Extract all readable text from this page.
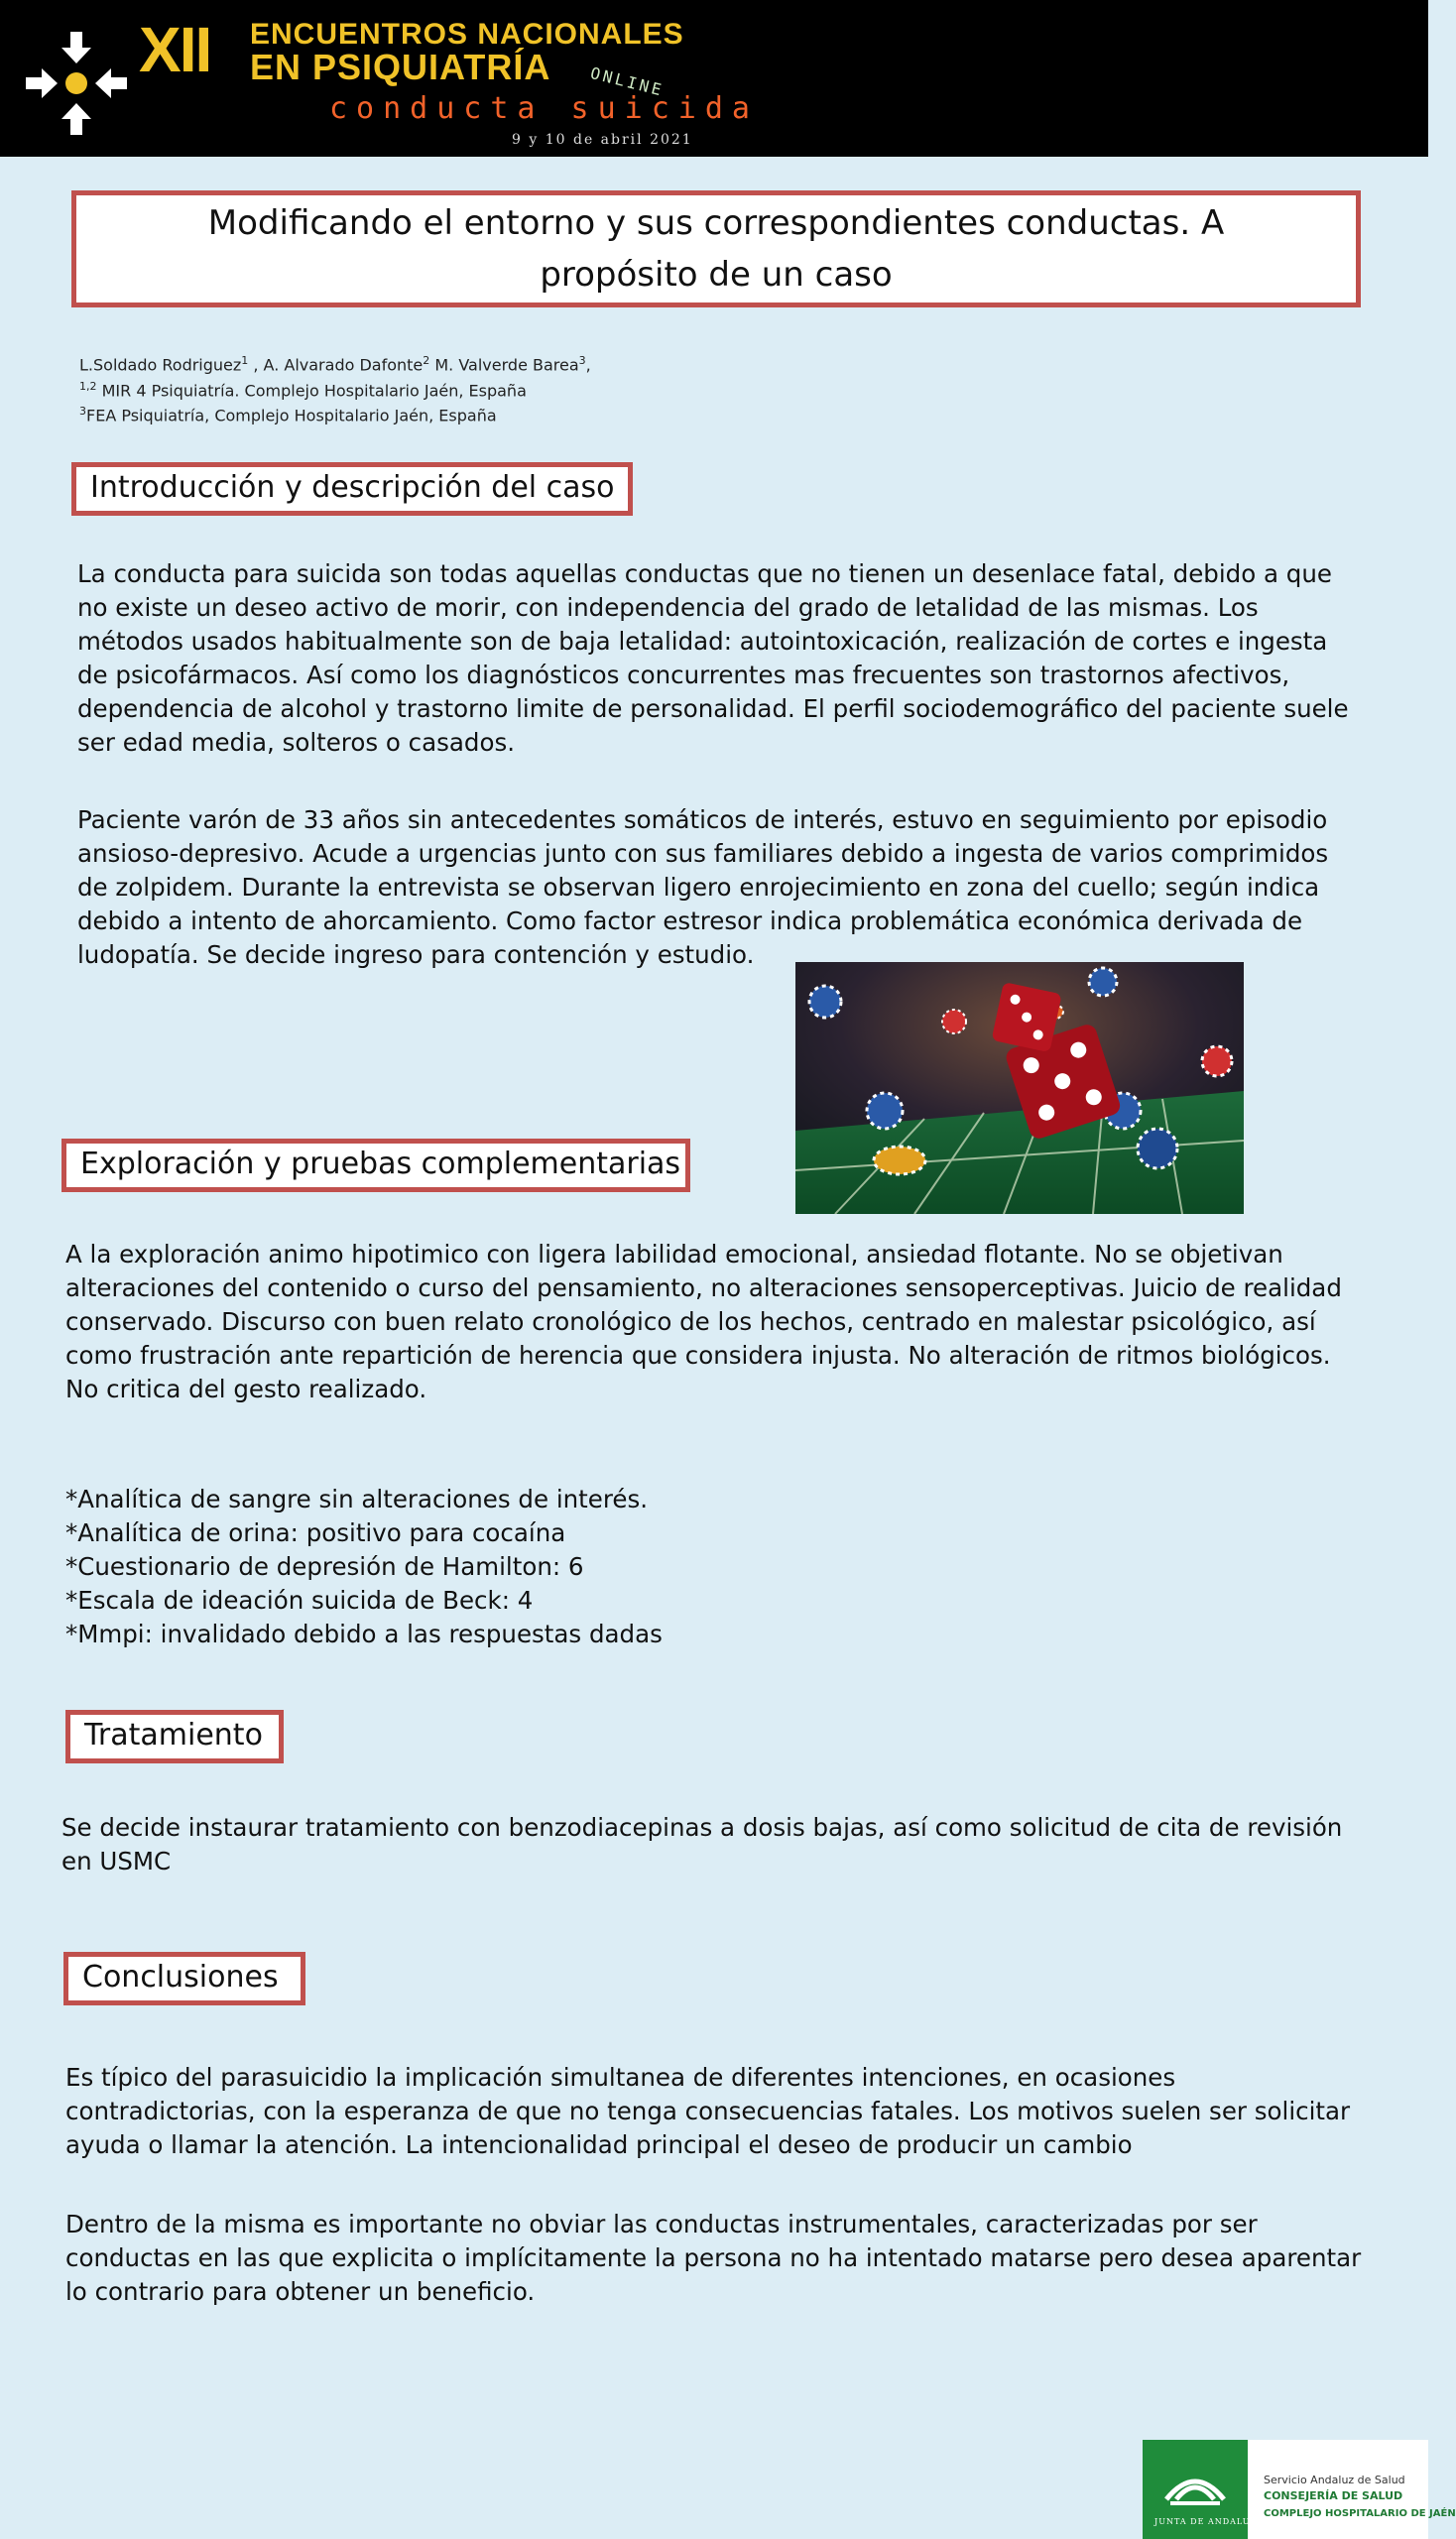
XII ENCUENTROS NACIONALES
EN PSIQUIATRÍA ONLINE
conducta suicida
9 y 10 de abril 2021
Modificando el entorno y sus correspondientes conductas. A propósito de un caso
L.Soldado Rodriguez$^1$ , A. Alvarado Dafonte$^2$ M. Valverde Barea$^3$,
$^{1,2}$ MIR 4 Psiquiatría. Complejo Hospitalario Jaén, España
$^3$FEA Psiquiatría, Complejo Hospitalario Jaén, España
Introducción y descripción del caso
La conducta para suicida son todas aquellas conductas que no tienen un desenlace fatal, debido a que no existe un deseo activo de morir, con independencia del grado de letalidad de las mismas. Los métodos usados habitualmente son de baja letalidad: autointoxicación, realización de cortes e ingesta de psicofármacos. Así como los diagnósticos concurrentes mas frecuentes son trastornos afectivos, dependencia de alcohol y trastorno limite de personalidad. El perfil sociodemográfico del paciente suele ser edad media, solteros o casados.
Paciente varón de 33 años sin antecedentes somáticos de interés, estuvo en seguimiento por episodio ansioso-depresivo. Acude a urgencias junto con sus familiares debido a ingesta de varios comprimidos de zolpidem. Durante la entrevista se observan ligero enrojecimiento en zona del cuello; según indica debido a intento de ahorcamiento. Como factor estresor indica problemática económica derivada de ludopatía. Se decide ingreso para contención y estudio.
Exploración y pruebas complementarias
A la exploración animo hipotimico con ligera labilidad emocional, ansiedad flotante. No se objetivan alteraciones del contenido o curso del pensamiento, no alteraciones sensoperceptivas. Juicio de realidad conservado. Discurso con buen relato cronológico de los hechos, centrado en malestar psicológico, así como frustración ante repartición de herencia que considera injusta. No alteración de ritmos biológicos. No critica del gesto realizado.
*Analítica de sangre sin alteraciones de interés.
*Analítica de orina: positivo para cocaína
*Cuestionario de depresión de Hamilton: 6
*Escala de ideación suicida de Beck: 4
*Mmpi: invalidado debido a las respuestas dadas
Tratamiento
Se decide instaurar tratamiento con benzodiacepinas a dosis bajas, así como solicitud de cita de revisión en USMC
Conclusiones
Es típico del parasuicidio la implicación simultanea de diferentes intenciones, en ocasiones contradictorias, con la esperanza de que no tenga consecuencias fatales. Los motivos suelen ser solicitar ayuda o llamar la atención. La intencionalidad principal el deseo de producir un cambio
Dentro de la misma es importante no obviar las conductas instrumentales, caracterizadas por ser conductas en las que explicita o implícitamente la persona no ha intentado matarse pero desea aparentar lo contrario para obtener un beneficio.
JUNTA DE ANDALUCIA
Servicio Andaluz de Salud
CONSEJERÍA DE SALUD
COMPLEJO HOSPITALARIO DE JAÉN
